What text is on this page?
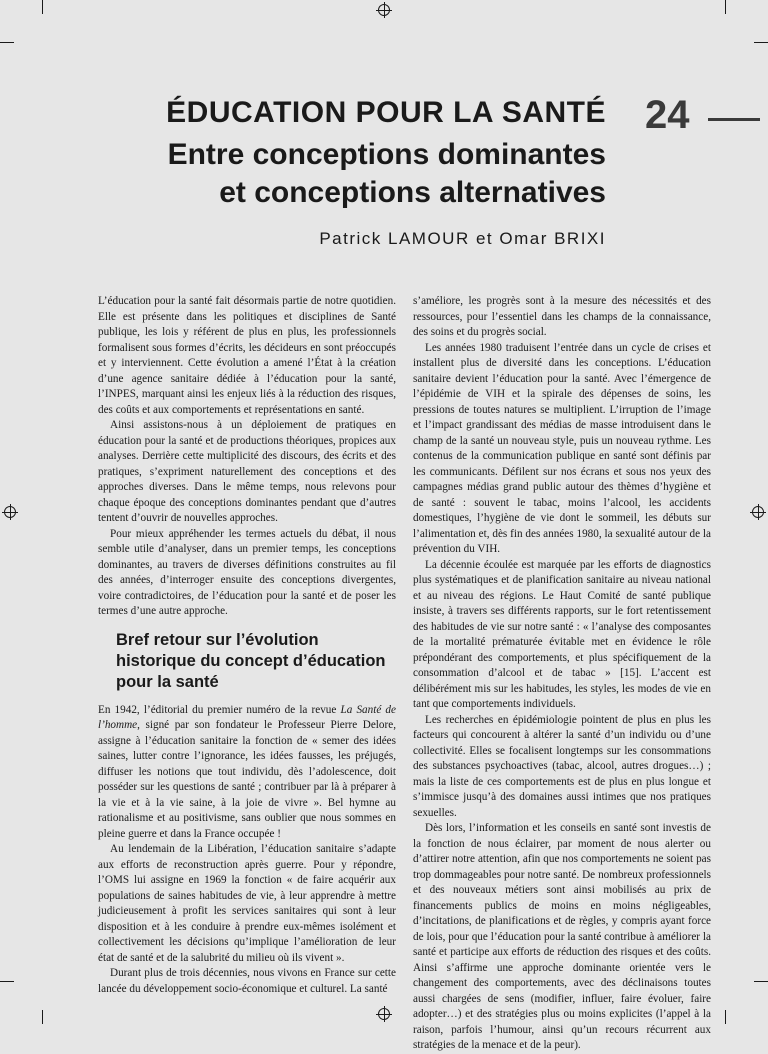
ÉDUCATION POUR LA SANTÉ
Entre conceptions dominantes
et conceptions alternatives
Patrick LAMOUR et Omar BRIXI
24

L’éducation pour la santé fait désormais partie de notre quotidien. Elle est présente dans les politiques et disciplines de Santé publique, les lois y référent de plus en plus, les professionnels formalisent sous formes d’écrits, les décideurs en sont préoccupés et y interviennent. Cette évolution a amené l’État à la création d’une agence sanitaire dédiée à l’éducation pour la santé, l’INPES, marquant ainsi les enjeux liés à la réduction des risques, des coûts et aux comportements et représentations en santé.

Ainsi assistons-nous à un déploiement de pratiques en éducation pour la santé et de productions théoriques, propices aux analyses. Derrière cette multiplicité des discours, des écrits et des pratiques, s’expriment naturellement des conceptions et des approches diverses. Dans le même temps, nous relevons pour chaque époque des conceptions dominantes pendant que d’autres tentent d’ouvrir de nouvelles approches.

Pour mieux appréhender les termes actuels du débat, il nous semble utile d’analyser, dans un premier temps, les conceptions dominantes, au travers de diverses définitions construites au fil des années, d’interroger ensuite des conceptions divergentes, voire contradictoires, de l’éducation pour la santé et de poser les termes d’une autre approche.

Bref retour sur l’évolution historique du concept d’éducation pour la santé

En 1942, l’éditorial du premier numéro de la revue La Santé de l’homme, signé par son fondateur le Professeur Pierre Delore, assigne à l’éducation sanitaire la fonction de « semer des idées saines, lutter contre l’ignorance, les idées fausses, les préjugés, diffuser les notions que tout individu, dès l’adolescence, doit posséder sur les questions de santé ; contribuer par là à préparer à la vie et à la vie saine, à la joie de vivre ». Bel hymne au rationalisme et au positivisme, sans oublier que nous sommes en pleine guerre et dans la France occupée !

Au lendemain de la Libération, l’éducation sanitaire s’adapte aux efforts de reconstruction après guerre. Pour y répondre, l’OMS lui assigne en 1969 la fonction « de faire acquérir aux populations de saines habitudes de vie, à leur apprendre à mettre judicieusement à profit les services sanitaires qui sont à leur disposition et à les conduire à prendre eux-mêmes isolément et collectivement les décisions qu’implique l’amélioration de leur état de santé et de la salubrité du milieu où ils vivent ».

Durant plus de trois décennies, nous vivons en France sur cette lancée du développement socio-économique et culturel. La santé

s’améliore, les progrès sont à la mesure des nécessités et des ressources, pour l’essentiel dans les champs de la connaissance, des soins et du progrès social.

Les années 1980 traduisent l’entrée dans un cycle de crises et installent plus de diversité dans les conceptions. L’éducation sanitaire devient l’éducation pour la santé. Avec l’émergence de l’épidémie de VIH et la spirale des dépenses de soins, les pressions de toutes natures se multiplient. L’irruption de l’image et l’impact grandissant des médias de masse introduisent dans le champ de la santé un nouveau style, puis un nouveau rythme. Les contenus de la communication publique en santé sont définis par les communicants. Défilent sur nos écrans et sous nos yeux des campagnes médias grand public autour des thèmes d’hygiène et de santé : souvent le tabac, moins l’alcool, les accidents domestiques, l’hygiène de vie dont le sommeil, les débuts sur l’alimentation et, dès fin des années 1980, la sexualité autour de la prévention du VIH.

La décennie écoulée est marquée par les efforts de diagnostics plus systématiques et de planification sanitaire au niveau national et au niveau des régions. Le Haut Comité de santé publique insiste, à travers ses différents rapports, sur le fort retentissement des habitudes de vie sur notre santé : « l’analyse des composantes de la mortalité prématurée évitable met en évidence le rôle prépondérant des comportements, et plus spécifiquement de la consommation d’alcool et de tabac » [15]. L’accent est délibérément mis sur les habitudes, les styles, les modes de vie en tant que comportements individuels.

Les recherches en épidémiologie pointent de plus en plus les facteurs qui concourent à altérer la santé d’un individu ou d’une collectivité. Elles se focalisent longtemps sur les consommations des substances psychoactives (tabac, alcool, autres drogues…) ; mais la liste de ces comportements est de plus en plus longue et s’immisce jusqu’à des domaines aussi intimes que nos pratiques sexuelles.

Dès lors, l’information et les conseils en santé sont investis de la fonction de nous éclairer, par moment de nous alerter ou d’attirer notre attention, afin que nos comportements ne soient pas trop dommageables pour notre santé. De nombreux professionnels et des nouveaux métiers sont ainsi mobilisés au prix de financements publics de moins en moins négligeables, d’incitations, de planifications et de règles, y compris ayant force de lois, pour que l’éducation pour la santé contribue à améliorer la santé et participe aux efforts de réduction des risques et des coûts. Ainsi s’affirme une approche dominante orientée vers le changement des comportements, avec des déclinaisons toutes aussi chargées de sens (modifier, influer, faire évoluer, faire adopter…) et des stratégies plus ou moins explicites (l’appel à la raison, parfois l’humour, ainsi qu’un recours récurrent aux stratégies de la menace et de la peur).
